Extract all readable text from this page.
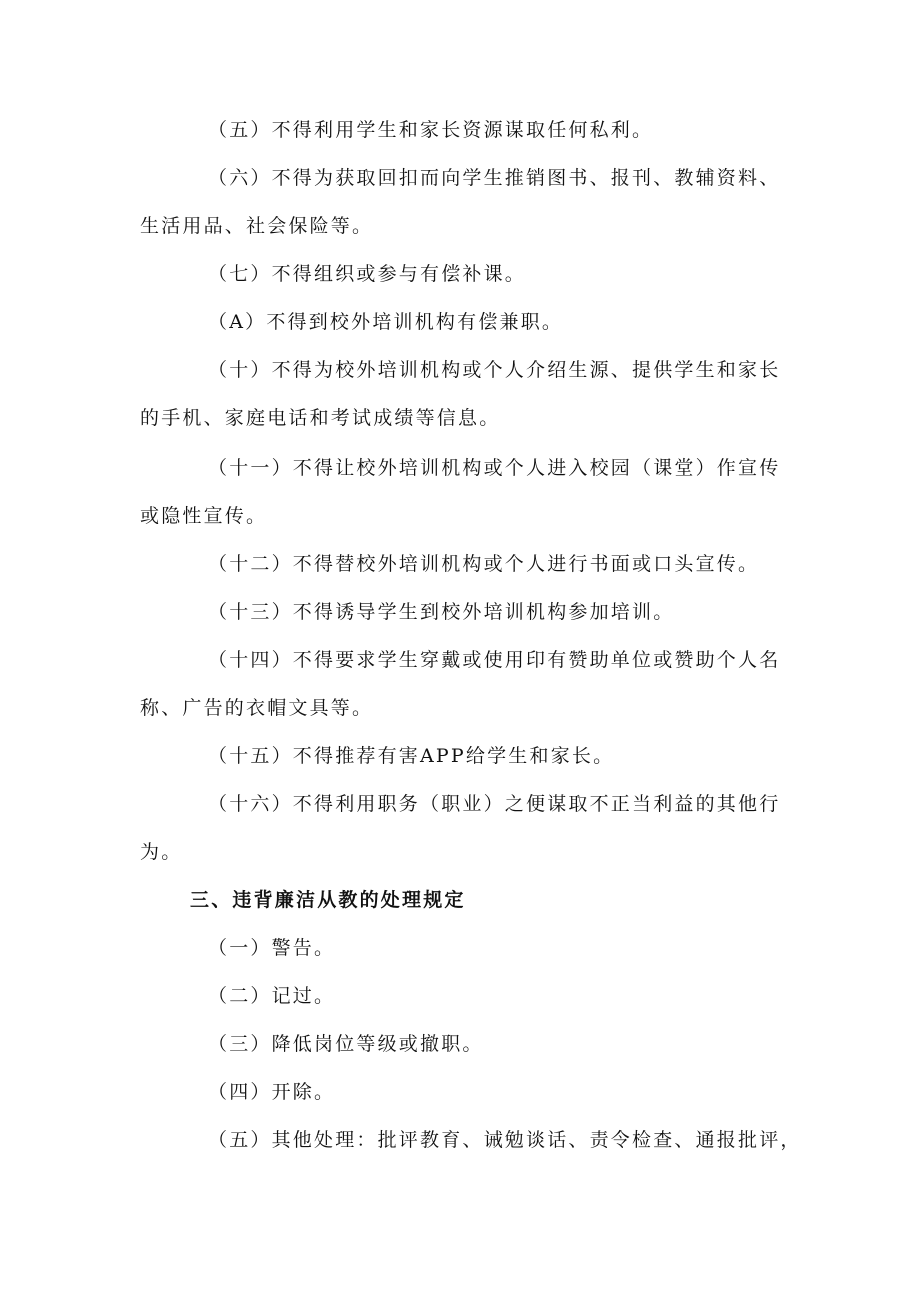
（五）不得利用学生和家长资源谋取任何私利。
（六）不得为获取回扣而向学生推销图书、报刊、教辅资料、
生活用品、社会保险等。
（七）不得组织或参与有偿补课。
（A）不得到校外培训机构有偿兼职。
（十）不得为校外培训机构或个人介绍生源、提供学生和家长
的手机、家庭电话和考试成绩等信息。
（十一）不得让校外培训机构或个人进入校园（课堂）作宣传
或隐性宣传。
（十二）不得替校外培训机构或个人进行书面或口头宣传。
（十三）不得诱导学生到校外培训机构参加培训。
（十四）不得要求学生穿戴或使用印有赞助单位或赞助个人名
称、广告的衣帽文具等。
（十五）不得推荐有害APP给学生和家长。
（十六）不得利用职务（职业）之便谋取不正当利益的其他行
为。
三、违背廉洁从教的处理规定
（一）警告。
（二）记过。
（三）降低岗位等级或撤职。
（四）开除。
（五）其他处理：批评教育、诫勉谈话、责令检查、通报批评，
